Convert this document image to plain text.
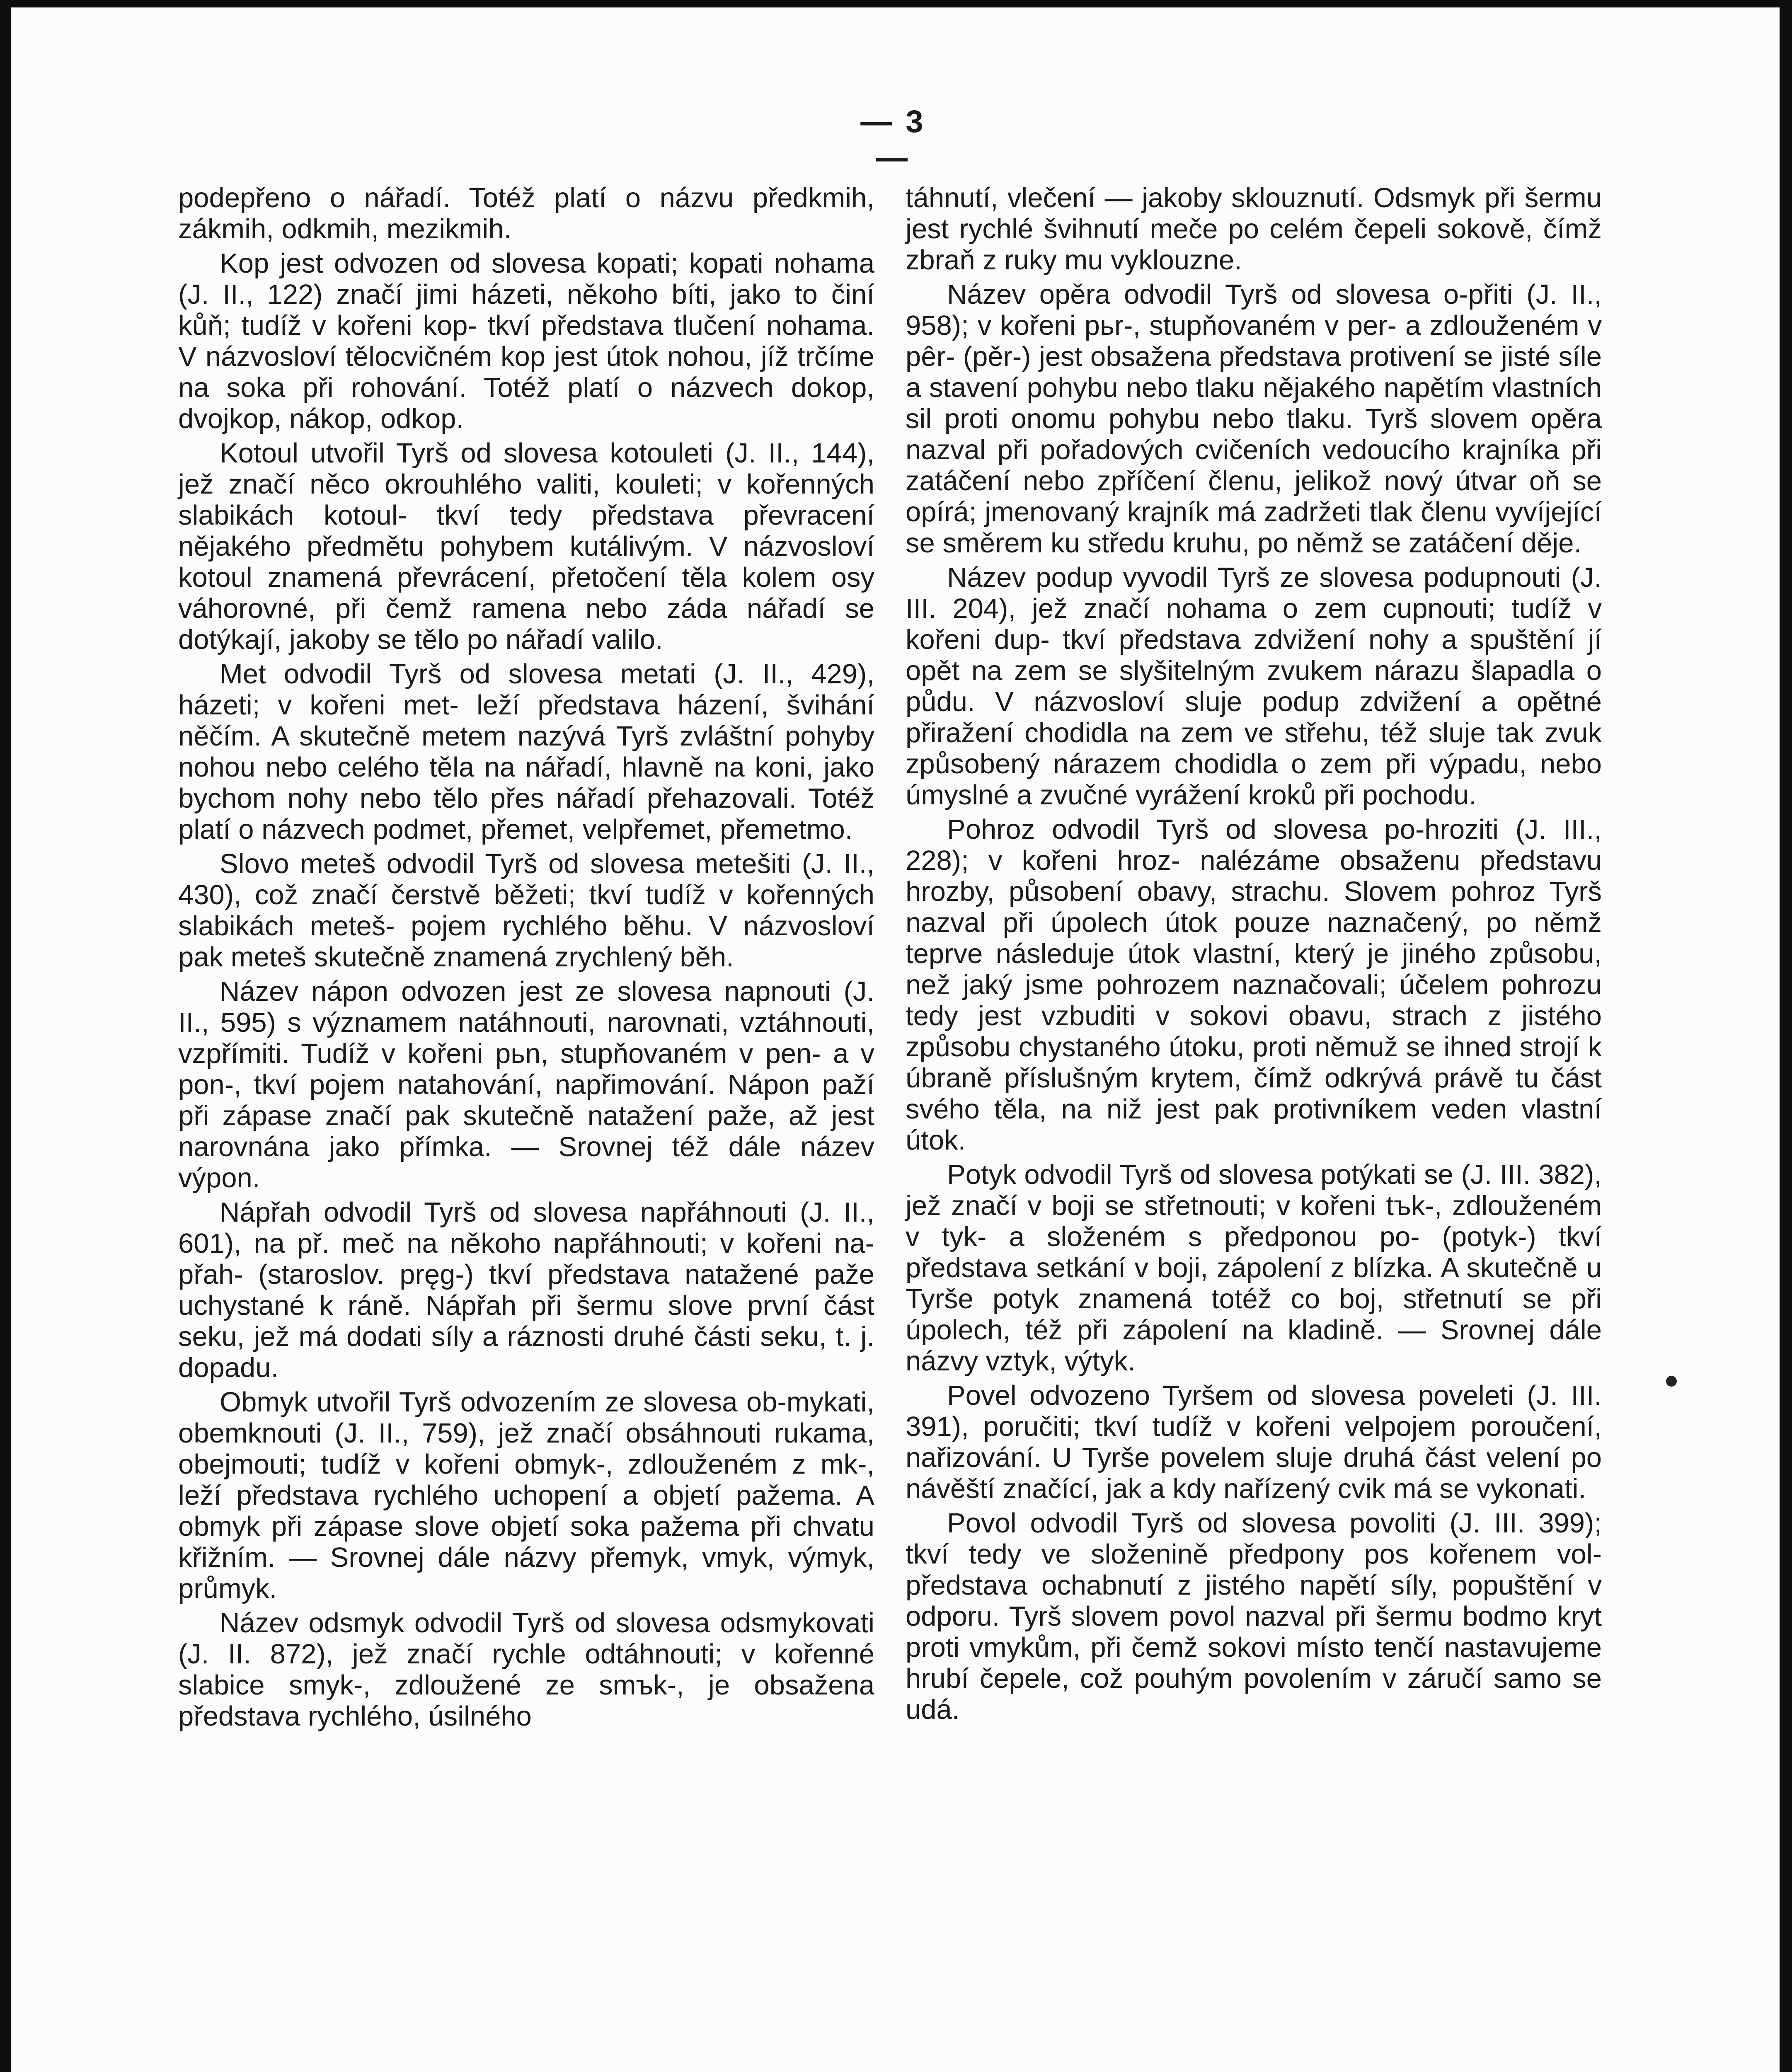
— 3 —

podepřeno o nářadí. Totéž platí o názvu předkmih, zákmih, odkmih, mezikmih.

Kop jest odvozen od slovesa kopati; kopati nohama (J. II., 122) značí jimi házeti, někoho bíti, jako to činí kůň; tudíž v kořeni kop- tkví představa tlučení nohama. V názvosloví tělocvičném kop jest útok nohou, jíž trčíme na soka při rohování. Totéž platí o názvech dokop, dvojkop, nákop, odkop.

Kotoul utvořil Tyrš od slovesa kotouleti (J. II., 144), jež značí něco okrouhlého valiti, kouleti; v kořenných slabikách kotoul- tkví tedy představa převracení nějakého předmětu pohybem kutálivým. V názvosloví kotoul znamená převrácení, přetočení těla kolem osy váhorovné, při čemž ramena nebo záda nářadí se dotýkají, jakoby se tělo po nářadí valilo.

Met odvodil Tyrš od slovesa metati (J. II., 429), házeti; v kořeni met- leží představa házení, švihání něčím. A skutečně metem nazývá Tyrš zvláštní pohyby nohou nebo celého těla na nářadí, hlavně na koni, jako bychom nohy nebo tělo přes nářadí přehazovali. Totéž platí o názvech podmet, přemet, velpřemet, přemetmo.

Slovo meteš odvodil Tyrš od slovesa metešiti (J. II., 430), což značí čerstvě běžeti; tkví tudíž v kořenných slabikách meteš- pojem rychlého běhu. V názvosloví pak meteš skutečně znamená zrychlený běh.

Název nápon odvozen jest ze slovesa napnouti (J. II., 595) s významem natáhnouti, narovnati, vztáhnouti, vzpřímiti. Tudíž v kořeni pьn, stupňovaném v pen- a v pon-, tkví pojem natahování, napřimování. Nápon paží při zápase značí pak skutečně natažení paže, až jest narovnána jako přímka. — Srovnej též dále název výpon.

Nápřah odvodil Tyrš od slovesa napřáhnouti (J. II., 601), na př. meč na někoho napřáhnouti; v kořeni na-přah- (staroslov. pręg-) tkví představa natažené paže uchystané k ráně. Nápřah při šermu slove první část seku, jež má dodati síly a ráznosti druhé části seku, t. j. dopadu.

Obmyk utvořil Tyrš odvozením ze slovesa ob-mykati, obemknouti (J. II., 759), jež značí obsáhnouti rukama, obejmouti; tudíž v kořeni obmyk-, zdlouženém z mk-, leží představa rychlého uchopení a objetí pažema. A obmyk při zápase slove objetí soka pažema při chvatu křižním. — Srovnej dále názvy přemyk, vmyk, výmyk, průmyk.

Název odsmyk odvodil Tyrš od slovesa odsmykovati (J. II. 872), jež značí rychle odtáhnouti; v kořenné slabice smyk-, zdloužené ze smъk-, je obsažena představa rychlého, úsilného

táhnutí, vlečení — jakoby sklouznutí. Odsmyk při šermu jest rychlé švihnutí meče po celém čepeli sokově, čímž zbraň z ruky mu vyklouzne.

Název opěra odvodil Tyrš od slovesa o-přiti (J. II., 958); v kořeni pьr-, stupňovaném v per- a zdlouženém v pêr- (pěr-) jest obsažena představa protivení se jisté síle a stavení pohybu nebo tlaku nějakého napětím vlastních sil proti onomu pohybu nebo tlaku. Tyrš slovem opěra nazval při pořadových cvičeních vedoucího krajníka při zatáčení nebo zpříčení členu, jelikož nový útvar oň se opírá; jmenovaný krajník má zadržeti tlak členu vyvíjející se směrem ku středu kruhu, po němž se zatáčení děje.

Název podup vyvodil Tyrš ze slovesa podupnouti (J. III. 204), jež značí nohama o zem cupnouti; tudíž v kořeni dup- tkví představa zdvižení nohy a spuštění jí opět na zem se slyšitelným zvukem nárazu šlapadla o půdu. V názvosloví sluje podup zdvižení a opětné přiražení chodidla na zem ve střehu, též sluje tak zvuk způsobený nárazem chodidla o zem při výpadu, nebo úmyslné a zvučné vyrážení kroků při pochodu.

Pohroz odvodil Tyrš od slovesa po-hroziti (J. III., 228); v kořeni hroz- nalézáme obsaženu představu hrozby, působení obavy, strachu. Slovem pohroz Tyrš nazval při úpolech útok pouze naznačený, po němž teprve následuje útok vlastní, který je jiného způsobu, než jaký jsme pohrozem naznačovali; účelem pohrozu tedy jest vzbuditi v sokovi obavu, strach z jistého způsobu chystaného útoku, proti němuž se ihned strojí k úbraně příslušným krytem, čímž odkrývá právě tu část svého těla, na niž jest pak protivníkem veden vlastní útok.

Potyk odvodil Tyrš od slovesa potýkati se (J. III. 382), jež značí v boji se střetnouti; v kořeni tъk-, zdlouženém v tyk- a složeném s předponou po- (potyk-) tkví představa setkání v boji, zápolení z blízka. A skutečně u Tyrše potyk znamená totéž co boj, střetnutí se při úpolech, též při zápolení na kladině. — Srovnej dále názvy vztyk, výtyk.

Povel odvozeno Tyršem od slovesa poveleti (J. III. 391), poručiti; tkví tudíž v kořeni velpojem poroučení, nařizování. U Tyrše povelem sluje druhá část velení po návěští značící, jak a kdy nařízený cvik má se vykonati.

Povol odvodil Tyrš od slovesa povoliti (J. III. 399); tkví tedy ve složenině předpony pos kořenem vol- představa ochabnutí z jistého napětí síly, popuštění v odporu. Tyrš slovem povol nazval při šermu bodmo kryt proti vmykům, při čemž sokovi místo tenčí nastavujeme hrubí čepele, což pouhým povolením v záručí samo se udá.
